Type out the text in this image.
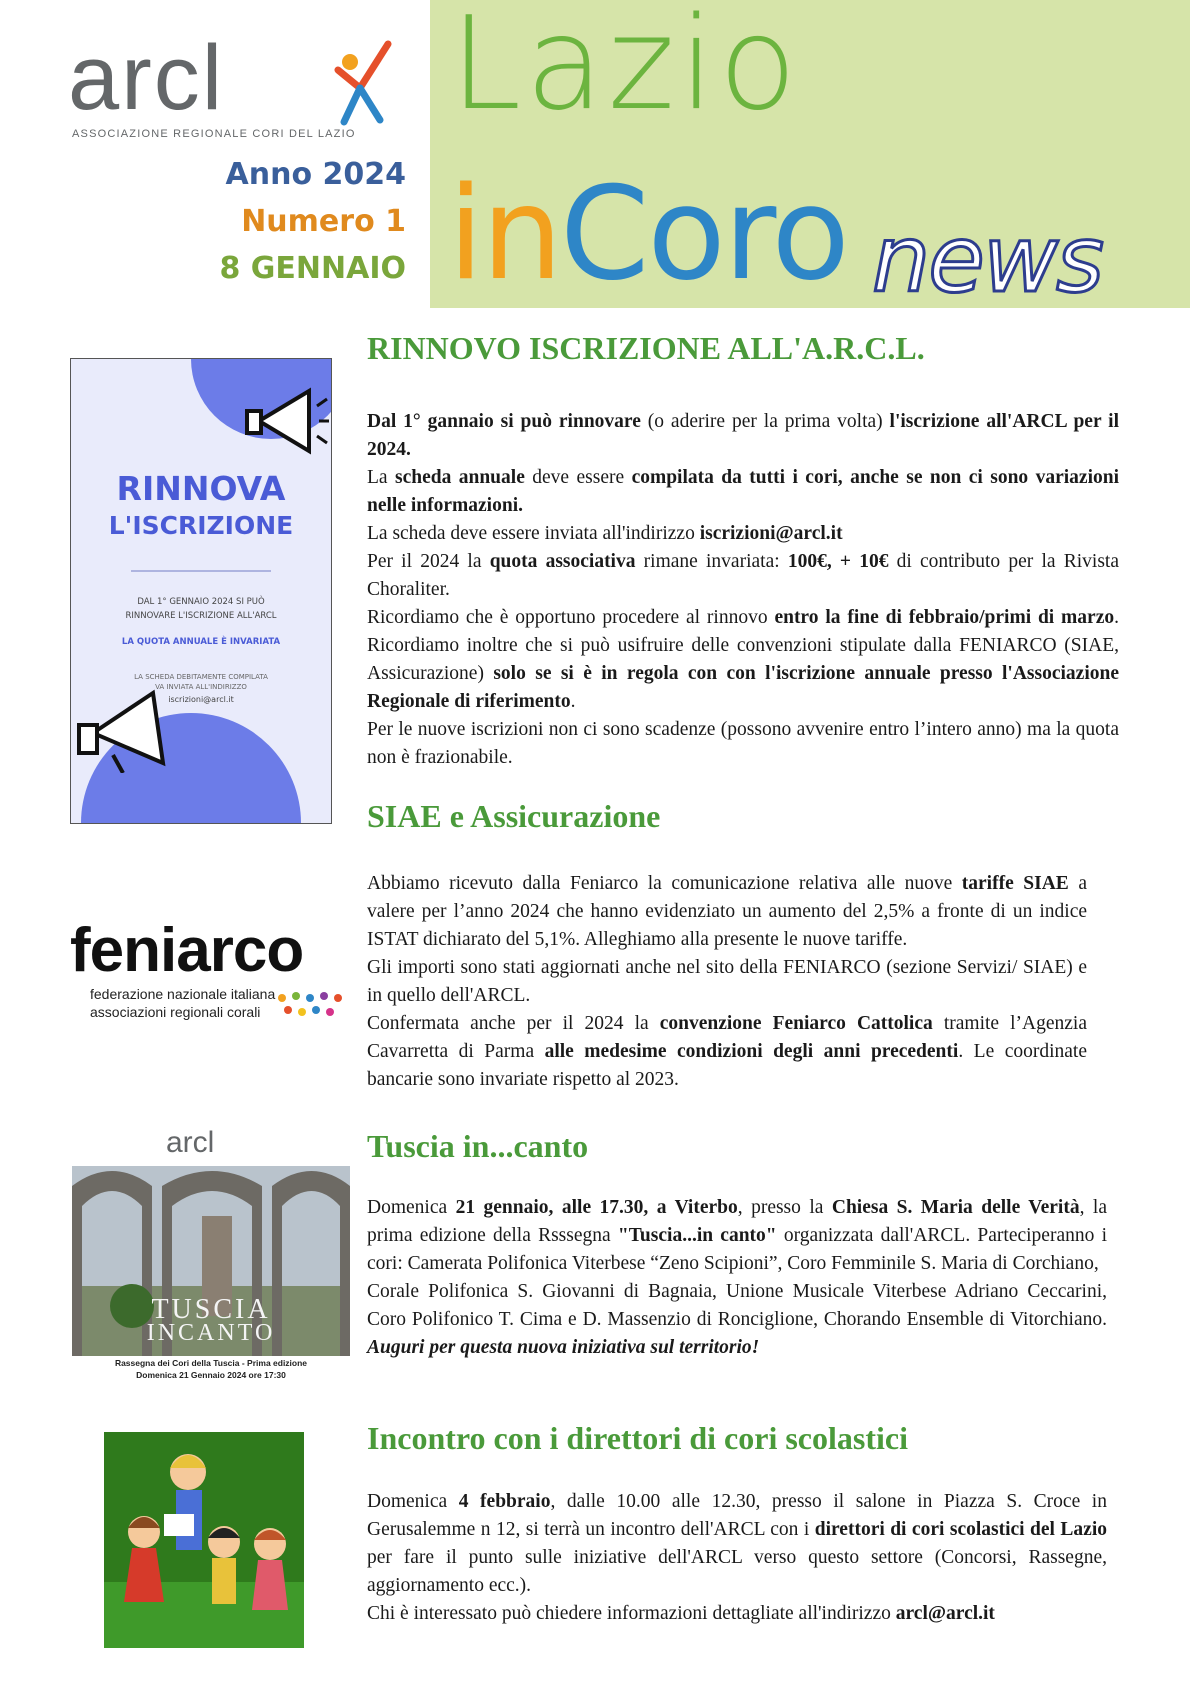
arcl
ASSOCIAZIONE REGIONALE CORI DEL LAZIO
Anno 2024
Numero 1
8 GENNAIO
Lazio
in Coro news
RINNOVA
L'ISCRIZIONE
DAL 1° GENNAIO 2024 SI PUÒ
RINNOVARE L'ISCRIZIONE ALL'ARCL
LA QUOTA ANNUALE È INVARIATA
LA SCHEDA DEBITAMENTE COMPILATA
VA INVIATA ALL'INDIRIZZO
iscrizioni@arcl.it
feniarco
federazione nazionale italiana
associazioni regionali corali
arcl
TUSCIA
INCANTO
Rassegna dei Cori della Tuscia - Prima edizione
Domenica 21 Gennaio 2024 ore 17:30
RINNOVO ISCRIZIONE ALL'A.R.C.L.

Dal 1° gannaio si può rinnovare (o aderire per la prima volta) l'iscrizione all'ARCL per il 2024.

La scheda annuale deve essere compilata da tutti i cori, anche se non ci sono variazioni nelle informazioni.

La scheda deve essere inviata all'indirizzo iscrizioni@arcl.it

Per il 2024 la quota associativa rimane invariata: 100€, + 10€ di contributo per la Rivista Choraliter.

Ricordiamo che è opportuno procedere al rinnovo entro la fine di febbraio/primi di marzo. Ricordiamo inoltre che si può usifruire delle convenzioni stipulate dalla FENIARCO (SIAE, Assicurazione) solo se si è in regola con con l'iscrizione annuale presso l'Associazione Regionale di riferimento.

Per le nuove iscrizioni non ci sono scadenze (possono avvenire entro l’intero anno) ma la quota non è frazionabile.

SIAE e Assicurazione

Abbiamo ricevuto dalla Feniarco la comunicazione relativa alle nuove tariffe SIAE a valere per l’anno 2024 che hanno evidenziato un aumento del 2,5% a fronte di un indice ISTAT dichiarato del 5,1%. Alleghiamo alla presente le nuove tariffe.

Gli importi sono stati aggiornati anche nel sito della FENIARCO (sezione Servizi/ SIAE) e in quello dell'ARCL.

Confermata anche per il 2024 la convenzione Feniarco Cattolica tramite l’Agenzia Cavarretta di Parma alle medesime condizioni degli anni precedenti. Le coordinate bancarie sono invariate rispetto al 2023.

Tuscia in...canto

Domenica 21 gennaio, alle 17.30, a Viterbo, presso la Chiesa S. Maria delle Verità, la prima edizione della Rsssegna "Tuscia...in canto" organizzata dall'ARCL. Parteciperanno i cori: Camerata Polifonica Viterbese “Zeno Scipioni”, Coro Femminile S. Maria di Corchiano,

Corale Polifonica S. Giovanni di Bagnaia, Unione Musicale Viterbese Adriano Ceccarini, Coro Polifonico T. Cima e D. Massenzio di Ronciglione, Chorando Ensemble di Vitorchiano. Auguri per questa nuova iniziativa sul territorio!

Incontro con i direttori di cori scolastici

Domenica 4 febbraio, dalle 10.00 alle 12.30, presso il salone in Piazza S. Croce in Gerusalemme n 12, si terrà un incontro dell'ARCL con i direttori di cori scolastici del Lazio per fare il punto sulle iniziative dell'ARCL verso questo settore (Concorsi, Rassegne, aggiornamento ecc.).

Chi è interessato può chiedere informazioni dettagliate all'indirizzo arcl@arcl.it
